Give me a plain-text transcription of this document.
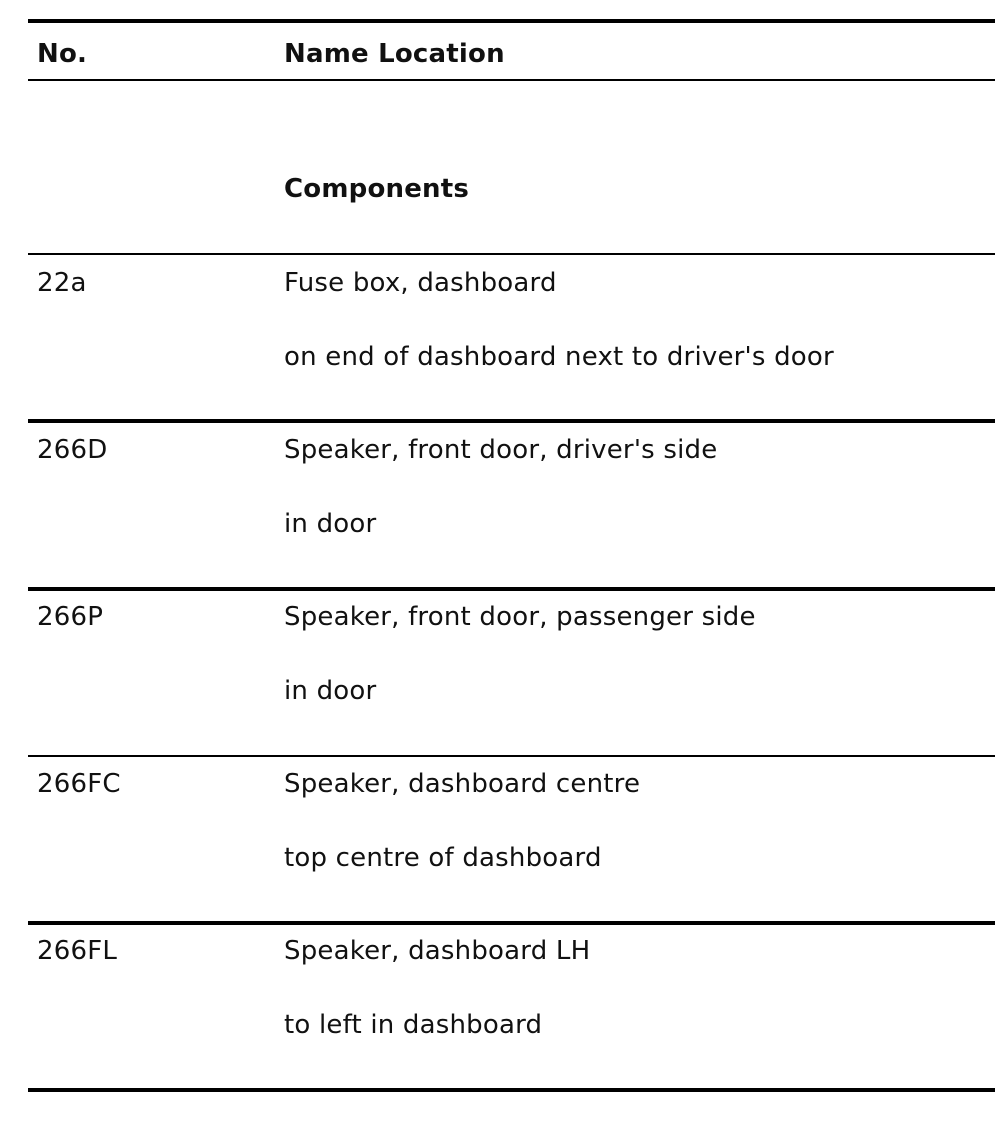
No.	Name Location
Components
22a	Fuse box, dashboard
on end of dashboard next to driver's door
266D	Speaker, front door, driver's side
in door
266P	Speaker, front door, passenger side
in door
266FC	Speaker, dashboard centre
top centre of dashboard
266FL	Speaker, dashboard LH
to left in dashboard
